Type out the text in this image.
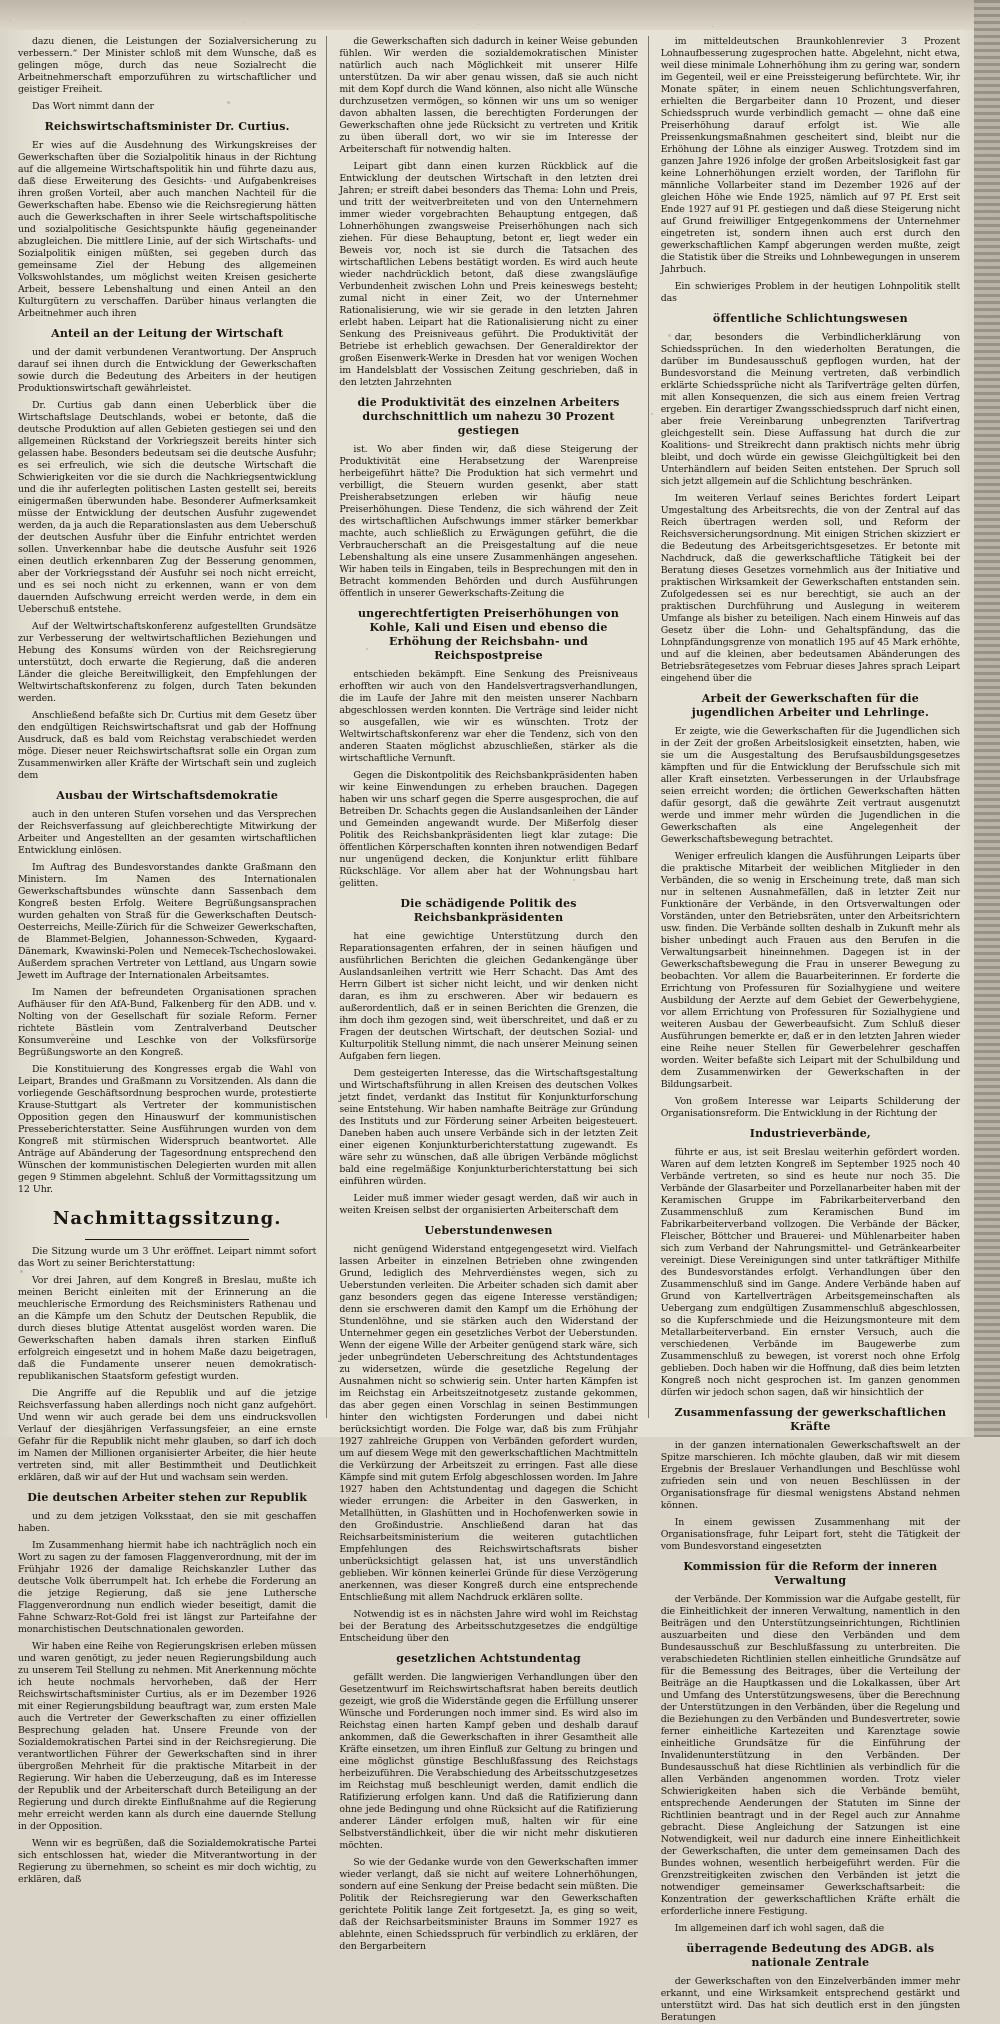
dazu dienen, die Leistungen der Sozialversicherung zu verbessern.“ Der Minister schloß mit dem Wunsche, daß es gelingen möge, durch das neue Sozialrecht die Arbeitnehmerschaft emporzuführen zu wirtschaftlicher und geistiger Freiheit.

Das Wort nimmt dann der

Reichswirtschaftsminister Dr. Curtius.

Er wies auf die Ausdehnung des Wirkungskreises der Gewerkschaften über die Sozialpolitik hinaus in der Richtung auf die allgemeine Wirtschaftspolitik hin und führte dazu aus, daß diese Erweiterung des Gesichts- und Aufgabenkreises ihren großen Vorteil, aber auch manchen Nachteil für die Gewerkschaften habe. Ebenso wie die Reichsregierung hätten auch die Gewerkschaften in ihrer Seele wirtschaftspolitische und sozialpolitische Gesichtspunkte häufig gegeneinander abzugleichen. Die mittlere Linie, auf der sich Wirtschafts- und Sozialpolitik einigen müßten, sei gegeben durch das gemeinsame Ziel der Hebung des allgemeinen Volkswohlstandes, um möglichst weiten Kreisen gesicherte Arbeit, bessere Lebenshaltung und einen Anteil an den Kulturgütern zu verschaffen. Darüber hinaus verlangten die Arbeitnehmer auch ihren

Anteil an der Leitung der Wirtschaft

und der damit verbundenen Verantwortung. Der Anspruch darauf sei ihnen durch die Entwicklung der Gewerkschaften sowie durch die Bedeutung des Arbeiters in der heutigen Produktionswirtschaft gewährleistet.

Dr. Curtius gab dann einen Ueberblick über die Wirtschaftslage Deutschlands, wobei er betonte, daß die deutsche Produktion auf allen Gebieten gestiegen sei und den allgemeinen Rückstand der Vorkriegszeit bereits hinter sich gelassen habe. Besonders bedeutsam sei die deutsche Ausfuhr; es sei erfreulich, wie sich die deutsche Wirtschaft die Schwierigkeiten vor die sie durch die Nachkriegsentwicklung und die ihr auferlegten politischen Lasten gestellt sei, bereits einigermaßen überwunden habe. Besonderer Aufmerksamkeit müsse der Entwicklung der deutschen Ausfuhr zugewendet werden, da ja auch die Reparationslasten aus dem Ueberschuß der deutschen Ausfuhr über die Einfuhr entrichtet werden sollen. Unverkennbar habe die deutsche Ausfuhr seit 1926 einen deutlich erkennbaren Zug der Besserung genommen, aber der Vorkriegsstand der Ausfuhr sei noch nicht erreicht, und es sei noch nicht zu erkennen, wann er von dem dauernden Aufschwung erreicht werden werde, in dem ein Ueberschuß entstehe.

Auf der Weltwirtschaftskonferenz aufgestellten Grundsätze zur Verbesserung der weltwirtschaftlichen Beziehungen und Hebung des Konsums würden von der Reichsregierung unterstützt, doch erwarte die Regierung, daß die anderen Länder die gleiche Bereitwilligkeit, den Empfehlungen der Weltwirtschaftskonferenz zu folgen, durch Taten bekunden werden.

Anschließend befaßte sich Dr. Curtius mit dem Gesetz über den endgültigen Reichswirtschaftsrat und gab der Hoffnung Ausdruck, daß es bald vom Reichstag verabschiedet werden möge. Dieser neuer Reichswirtschaftsrat solle ein Organ zum Zusammenwirken aller Kräfte der Wirtschaft sein und zugleich dem

Ausbau der Wirtschaftsdemokratie

auch in den unteren Stufen vorsehen und das Versprechen der Reichsverfassung auf gleichberechtigte Mitwirkung der Arbeiter und Angestellten an der gesamten wirtschaftlichen Entwicklung einlösen.

Im Auftrag des Bundesvorstandes dankte Graßmann den Ministern. Im Namen des Internationalen Gewerkschaftsbundes wünschte dann Sassenbach dem Kongreß besten Erfolg. Weitere Begrüßungsansprachen wurden gehalten von Straß für die Gewerkschaften Deutsch-Oesterreichs, Meille-Zürich für die Schweizer Gewerkschaften, de Blammet-Belgien, Johannesson-Schweden, Kygaard-Dänemark, Kwawinski-Polen und Nemecek-Tschechoslowakei. Außerdem sprachen Vertreter von Lettland, aus Ungarn sowie Jewett im Auftrage der Internationalen Arbeitsamtes.

Im Namen der befreundeten Organisationen sprachen Aufhäuser für den AfA-Bund, Falkenberg für den ADB. und v. Nolting von der Gesellschaft für soziale Reform. Ferner richtete Bästlein vom Zentralverband Deutscher Konsumvereine und Leschke von der Volksfürsorge Begrüßungsworte an den Kongreß.

Die Konstituierung des Kongresses ergab die Wahl von Leipart, Brandes und Graßmann zu Vorsitzenden. Als dann die vorliegende Geschäftsordnung besprochen wurde, protestierte Krause-Stuttgart als Vertreter der kommunistischen Opposition gegen den Hinauswurf der kommunistischen Presseberichterstatter. Seine Ausführungen wurden von dem Kongreß mit stürmischen Widerspruch beantwortet. Alle Anträge auf Abänderung der Tagesordnung entsprechend den Wünschen der kommunistischen Delegierten wurden mit allen gegen 9 Stimmen abgelehnt. Schluß der Vormittagssitzung um 12 Uhr.

Nachmittagssitzung.

Die Sitzung wurde um 3 Uhr eröffnet. Leipart nimmt sofort das Wort zu seiner Berichterstattung:

Vor drei Jahren, auf dem Kongreß in Breslau, mußte ich meinen Bericht einleiten mit der Erinnerung an die meuchlerische Ermordung des Reichsministers Rathenau und an die Kämpfe um den Schutz der Deutschen Republik, die durch dieses blutige Attentat ausgelöst worden waren. Die Gewerkschaften haben damals ihren starken Einfluß erfolgreich eingesetzt und in hohem Maße dazu beigetragen, daß die Fundamente unserer neuen demokratisch-republikanischen Staatsform gefestigt wurden.

Die Angriffe auf die Republik und auf die jetzige Reichsverfassung haben allerdings noch nicht ganz aufgehört. Und wenn wir auch gerade bei dem uns eindrucksvollen Verlauf der diesjährigen Verfassungsfeier, an eine ernste Gefahr für die Republik nicht mehr glauben, so darf ich doch im Namen der Millionen organisierter Arbeiter, die hier heute vertreten sind, mit aller Bestimmtheit und Deutlichkeit erklären, daß wir auf der Hut und wachsam sein werden.

Die deutschen Arbeiter stehen zur Republik

und zu dem jetzigen Volksstaat, den sie mit geschaffen haben.

Im Zusammenhang hiermit habe ich nachträglich noch ein Wort zu sagen zu der famosen Flaggenverordnung, mit der im Frühjahr 1926 der damalige Reichskanzler Luther das deutsche Volk überrumpelt hat. Ich erhebe die Forderung an die jetzige Regierung, daß sie jene Luthersche Flaggenverordnung nun endlich wieder beseitigt, damit die Fahne Schwarz-Rot-Gold frei ist längst zur Parteifahne der monarchistischen Deutschnationalen geworden.

Wir haben eine Reihe von Regierungskrisen erleben müssen und waren genötigt, zu jeder neuen Regierungsbildung auch zu unserem Teil Stellung zu nehmen. Mit Anerkennung möchte ich heute nochmals hervorheben, daß der Herr Reichswirtschaftsminister Curtius, als er im Dezember 1926 mit einer Regierungsbildung beauftragt war, zum ersten Male auch die Vertreter der Gewerkschaften zu einer offiziellen Besprechung geladen hat. Unsere Freunde von der Sozialdemokratischen Partei sind in der Reichsregierung. Die verantwortlichen Führer der Gewerkschaften sind in ihrer übergroßen Mehrheit für die praktische Mitarbeit in der Regierung. Wir haben die Ueberzeugung, daß es im Interesse der Republik und der Arbeiterschaft durch Beteiligung an der Regierung und durch direkte Einflußnahme auf die Regierung mehr erreicht werden kann als durch eine dauernde Stellung in der Opposition.

Wenn wir es begrüßen, daß die Sozialdemokratische Partei sich entschlossen hat, wieder die Mitverantwortung in der Regierung zu übernehmen, so scheint es mir doch wichtig, zu erklären, daß

die Gewerkschaften sich dadurch in keiner Weise gebunden fühlen. Wir werden die sozialdemokratischen Minister natürlich auch nach Möglichkeit mit unserer Hilfe unterstützen. Da wir aber genau wissen, daß sie auch nicht mit dem Kopf durch die Wand können, also nicht alle Wünsche durchzusetzen vermögen, so können wir uns um so weniger davon abhalten lassen, die berechtigten Forderungen der Gewerkschaften ohne jede Rücksicht zu vertreten und Kritik zu üben überall dort, wo wir sie im Interesse der Arbeiterschaft für notwendig halten.

Leipart gibt dann einen kurzen Rückblick auf die Entwicklung der deutschen Wirtschaft in den letzten drei Jahren; er streift dabei besonders das Thema: Lohn und Preis, und tritt der weitverbreiteten und von den Unternehmern immer wieder vorgebrachten Behauptung entgegen, daß Lohnerhöhungen zwangsweise Preiserhöhungen nach sich ziehen. Für diese Behauptung, betont er, liegt weder ein Beweis vor, noch ist sie durch die Tatsachen des wirtschaftlichen Lebens bestätigt worden. Es wird auch heute wieder nachdrücklich betont, daß diese zwangsläufige Verbundenheit zwischen Lohn und Preis keineswegs besteht; zumal nicht in einer Zeit, wo der Unternehmer Rationalisierung, wie wir sie gerade in den letzten Jahren erlebt haben. Leipart hat die Rationalisierung nicht zu einer Senkung des Preisniveaus geführt. Die Produktivität der Betriebe ist erheblich gewachsen. Der Generaldirektor der großen Eisenwerk-Werke in Dresden hat vor wenigen Wochen im Handelsblatt der Vossischen Zeitung geschrieben, daß in den letzten Jahrzehnten

die Produktivität des einzelnen Arbeiters durchschnittlich um nahezu 30 Prozent gestiegen

ist. Wo aber finden wir, daß diese Steigerung der Produktivität eine Herabsetzung der Warenpreise herbeigeführt hätte? Die Produktion hat sich vermehrt und verbilligt, die Steuern wurden gesenkt, aber statt Preisherabsetzungen erleben wir häufig neue Preiserhöhungen. Diese Tendenz, die sich während der Zeit des wirtschaftlichen Aufschwungs immer stärker bemerkbar machte, auch schließlich zu Erwägungen geführt, die die Verbraucherschaft an die Preisgestaltung auf die neue Lebenshaltung als eine unsere Zusammenhängen angesehen. Wir haben teils in Eingaben, teils in Besprechungen mit den in Betracht kommenden Behörden und durch Ausführungen öffentlich in unserer Gewerkschafts-Zeitung die

ungerechtfertigten Preiserhöhungen von Kohle, Kali und Eisen und ebenso die Erhöhung der Reichsbahn- und Reichspostpreise

entschieden bekämpft. Eine Senkung des Preisniveaus erhofften wir auch von den Handelsvertragsverhandlungen, die im Laufe der Jahre mit den meisten unserer Nachbarn abgeschlossen werden konnten. Die Verträge sind leider nicht so ausgefallen, wie wir es wünschten. Trotz der Weltwirtschaftskonferenz war eher die Tendenz, sich von den anderen Staaten möglichst abzuschließen, stärker als die wirtschaftliche Vernunft.

Gegen die Diskontpolitik des Reichsbankpräsidenten haben wir keine Einwendungen zu erheben brauchen. Dagegen haben wir uns scharf gegen die Sperre ausgesprochen, die auf Betreiben Dr. Schachts gegen die Auslandsanleihen der Länder und Gemeinden angewandt wurde. Der Mißerfolg dieser Politik des Reichsbankpräsidenten liegt klar zutage: Die öffentlichen Körperschaften konnten ihren notwendigen Bedarf nur ungenügend decken, die Konjunktur erlitt fühlbare Rückschläge. Vor allem aber hat der Wohnungsbau hart gelitten.

Die schädigende Politik des Reichsbankpräsidenten

hat eine gewichtige Unterstützung durch den Reparationsagenten erfahren, der in seinen häufigen und ausführlichen Berichten die gleichen Gedankengänge über Auslandsanleihen vertritt wie Herr Schacht. Das Amt des Herrn Gilbert ist sicher nicht leicht, und wir denken nicht daran, es ihm zu erschweren. Aber wir bedauern es außerordentlich, daß er in seinen Berichten die Grenzen, die ihm doch ihm gezogen sind, weit überschreitet, und daß er zu Fragen der deutschen Wirtschaft, der deutschen Sozial- und Kulturpolitik Stellung nimmt, die nach unserer Meinung seinen Aufgaben fern liegen.

Dem gesteigerten Interesse, das die Wirtschaftsgestaltung und Wirtschaftsführung in allen Kreisen des deutschen Volkes jetzt findet, verdankt das Institut für Konjunkturforschung seine Entstehung. Wir haben namhafte Beiträge zur Gründung des Instituts und zur Förderung seiner Arbeiten beigesteuert. Daneben haben auch unsere Verbände sich in der letzten Zeit einer eigenen Konjunkturberichterstattung zugewandt. Es wäre sehr zu wünschen, daß alle übrigen Verbände möglichst bald eine regelmäßige Konjunkturberichterstattung bei sich einführen würden.

Leider muß immer wieder gesagt werden, daß wir auch in weiten Kreisen selbst der organisierten Arbeiterschaft dem

Ueberstundenwesen

nicht genügend Widerstand entgegengesetzt wird. Vielfach lassen Arbeiter in einzelnen Betrieben ohne zwingenden Grund, lediglich des Mehrverdienstes wegen, sich zu Ueberstunden verleiten. Die Arbeiter schaden sich damit aber ganz besonders gegen das eigene Interesse verständigen; denn sie erschweren damit den Kampf um die Erhöhung der Stundenlöhne, und sie stärken auch den Widerstand der Unternehmer gegen ein gesetzliches Verbot der Ueberstunden. Wenn der eigene Wille der Arbeiter genügend stark wäre, sich jeder unbegründeten Ueberschreitung des Achtstundentages zu widersetzen, würde die gesetzliche Regelung der Ausnahmen nicht so schwierig sein. Unter harten Kämpfen ist im Reichstag ein Arbeitszeitnotgesetz zustande gekommen, das aber gegen einen Vorschlag in seinen Bestimmungen hinter den wichtigsten Forderungen und dabei nicht berücksichtigt worden. Die Folge war, daß bis zum Frühjahr 1927 zahlreiche Gruppen von Verbänden gefordert wurden, um auf diesem Wege mit den gewerkschaftlichen Machtmitteln die Verkürzung der Arbeitszeit zu erringen. Fast alle diese Kämpfe sind mit gutem Erfolg abgeschlossen worden. Im Jahre 1927 haben den Achtstundentag und dagegen die Schicht wieder errungen: die Arbeiter in den Gaswerken, in Metallhütten, in Glashütten und in Hochofenwerken sowie in den Großindustrie. Anschließend daran hat das Reichsarbeitsministerium die weiteren gutachtlichen Empfehlungen des Reichswirtschaftsrats bisher unberücksichtigt gelassen hat, ist uns unverständlich geblieben. Wir können keinerlei Gründe für diese Verzögerung anerkennen, was dieser Kongreß durch eine entsprechende Entschließung mit allem Nachdruck erklären sollte.

Notwendig ist es in nächsten Jahre wird wohl im Reichstag bei der Beratung des Arbeitsschutzgesetzes die endgültige Entscheidung über den

gesetzlichen Achtstundentag

gefällt werden. Die langwierigen Verhandlungen über den Gesetzentwurf im Reichswirtschaftsrat haben bereits deutlich gezeigt, wie groß die Widerstände gegen die Erfüllung unserer Wünsche und Forderungen noch immer sind. Es wird also im Reichstag einen harten Kampf geben und deshalb darauf ankommen, daß die Gewerkschaften in ihrer Gesamtheit alle Kräfte einsetzen, um ihren Einfluß zur Geltung zu bringen und eine möglichst günstige Beschlußfassung des Reichstags herbeizuführen. Die Verabschiedung des Arbeitsschutzgesetzes im Reichstag muß beschleunigt werden, damit endlich die Ratifizierung erfolgen kann. Und daß die Ratifizierung dann ohne jede Bedingung und ohne Rücksicht auf die Ratifizierung anderer Länder erfolgen muß, halten wir für eine Selbstverständlichkeit, über die wir nicht mehr diskutieren möchten.

So wie der Gedanke wurde von den Gewerkschaften immer wieder verlangt, daß sie nicht auf weitere Lohnerhöhungen, sondern auf eine Senkung der Preise bedacht sein müßten. Die Politik der Reichsregierung war den Gewerkschaften gerichtete Politik lange Zeit fortgesetzt. Ja, es ging so weit, daß der Reichsarbeitsminister Brauns im Sommer 1927 es ablehnte, einen Schiedsspruch für verbindlich zu erklären, der den Bergarbeitern

im mitteldeutschen Braunkohlenrevier 3 Prozent Lohnaufbesserung zugesprochen hatte. Abgelehnt, nicht etwa, weil diese minimale Lohnerhöhung ihm zu gering war, sondern im Gegenteil, weil er eine Preissteigerung befürchtete. Wir, ihr Monate später, in einem neuen Schlichtungsverfahren, erhielten die Bergarbeiter dann 10 Prozent, und dieser Schiedsspruch wurde verbindlich gemacht — ohne daß eine Preiserhöhung darauf erfolgt ist. Wie alle Preissenkungsmaßnahmen gescheitert sind, bleibt nur die Erhöhung der Löhne als einziger Ausweg. Trotzdem sind im ganzen Jahre 1926 infolge der großen Arbeitslosigkeit fast gar keine Lohnerhöhungen erzielt worden, der Tariflohn für männliche Vollarbeiter stand im Dezember 1926 auf der gleichen Höhe wie Ende 1925, nämlich auf 97 Pf. Erst seit Ende 1927 auf 91 Pf. gestiegen und daß diese Steigerung nicht auf Grund freiwilliger Entgegenkommens der Unternehmer eingetreten ist, sondern ihnen auch erst durch den gewerkschaftlichen Kampf abgerungen werden mußte, zeigt die Statistik über die Streiks und Lohnbewegungen in unserem Jahrbuch.

Ein schwieriges Problem in der heutigen Lohnpolitik stellt das

öffentliche Schlichtungswesen

dar, besonders die Verbindlicherklärung von Schiedssprüchen. In den wiederholten Beratungen, die darüber im Bundesausschuß gepflogen wurden, hat der Bundesvorstand die Meinung vertreten, daß verbindlich erklärte Schiedssprüche nicht als Tarifverträge gelten dürfen, mit allen Konsequenzen, die sich aus einem freien Vertrag ergeben. Ein derartiger Zwangsschiedsspruch darf nicht einen, aber freie Vereinbarung unbegrenzten Tarifvertrag gleichgestellt sein. Diese Auffassung hat durch die zur Koalitions- und Streikrecht dann praktisch nichts mehr übrig bleibt, und doch würde ein gewisse Gleichgültigkeit bei den Unterhändlern auf beiden Seiten entstehen. Der Spruch soll sich jetzt allgemein auf die Schlichtung beschränken.

Im weiteren Verlauf seines Berichtes fordert Leipart Umgestaltung des Arbeitsrechts, die von der Zentral auf das Reich übertragen werden soll, und Reform der Reichsversicherungsordnung. Mit einigen Strichen skizziert er die Bedeutung des Arbeitsgerichtsgesetzes. Er betonte mit Nachdruck, daß die gewerkschaftliche Tätigkeit bei der Beratung dieses Gesetzes vornehmlich aus der Initiative und praktischen Wirksamkeit der Gewerkschaften entstanden sein. Zufolgedessen sei es nur berechtigt, sie auch an der praktischen Durchführung und Auslegung in weiterem Umfange als bisher zu beteiligen. Nach einem Hinweis auf das Gesetz über die Lohn- und Gehaltspfändung, das die Lohnpfändungsgrenze von monatlich 195 auf 45 Mark erhöhte, und auf die kleinen, aber bedeutsamen Abänderungen des Betriebsrätegesetzes vom Februar dieses Jahres sprach Leipart eingehend über die

Arbeit der Gewerkschaften für die jugendlichen Arbeiter und Lehrlinge.

Er zeigte, wie die Gewerkschaften für die Jugendlichen sich in der Zeit der großen Arbeitslosigkeit einsetzten, haben, wie sie um die Ausgestaltung des Berufsausbildungsgesetzes kämpften und für die Entwicklung der Berufsschule sich mit aller Kraft einsetzten. Verbesserungen in der Urlaubsfrage seien erreicht worden; die örtlichen Gewerkschaften hätten dafür gesorgt, daß die gewährte Zeit vertraut ausgenutzt werde und immer mehr würden die Jugendlichen in die Gewerkschaften als eine Angelegenheit der Gewerkschaftsbewegung betrachtet.

Weniger erfreulich klangen die Ausführungen Leiparts über die praktische Mitarbeit der weiblichen Mitglieder in den Verbänden, die so wenig in Erscheinung trete, daß man sich nur in seltenen Ausnahmefällen, daß in letzter Zeit nur Funktionäre der Verbände, in den Ortsverwaltungen oder Vorständen, unter den Betriebsräten, unter den Arbeitsrichtern usw. finden. Die Verbände sollten deshalb in Zukunft mehr als bisher unbedingt auch Frauen aus den Berufen in die Verwaltungsarbeit hineinnehmen. Dagegen ist in der Gewerkschaftsbewegung die Frau in unserer Bewegung zu beobachten. Vor allem die Bauarbeiterinnen. Er forderte die Errichtung von Professuren für Sozialhygiene und weitere Ausbildung der Aerzte auf dem Gebiet der Gewerbehygiene, vor allem Errichtung von Professuren für Sozialhygiene und weiteren Ausbau der Gewerbeaufsicht. Zum Schluß dieser Ausführungen bemerkte er, daß er in den letzten Jahren wieder eine Reihe neuer Stellen für Gewerbelehrer geschaffen worden. Weiter befaßte sich Leipart mit der Schulbildung und dem Zusammenwirken der Gewerkschaften in der Bildungsarbeit.

Von großem Interesse war Leiparts Schilderung der Organisationsreform. Die Entwicklung in der Richtung der

Industrieverbände,

führte er aus, ist seit Breslau weiterhin gefördert worden. Waren auf dem letzten Kongreß im September 1925 noch 40 Verbände vertreten, so sind es heute nur noch 35. Die Verbände der Glasarbeiter und Porzellanarbeiter haben mit der Keramischen Gruppe im Fabrikarbeiterverband den Zusammenschluß zum Keramischen Bund im Fabrikarbeiterverband vollzogen. Die Verbände der Bäcker, Fleischer, Böttcher und Brauerei- und Mühlenarbeiter haben sich zum Verband der Nahrungsmittel- und Getränkearbeiter vereinigt. Diese Vereinigungen sind unter tatkräftiger Mithilfe des Bundesvorstandes erfolgt. Verhandlungen über den Zusammenschluß sind im Gange. Andere Verbände haben auf Grund von Kartellverträgen Arbeitsgemeinschaften als Uebergang zum endgültigen Zusammenschluß abgeschlossen, so die Kupferschmiede und die Heizungsmonteure mit dem Metallarbeiterverband. Ein ernster Versuch, auch die verschiedenen Verbände im Baugewerbe zum Zusammenschluß zu bewegen, ist vorerst noch ohne Erfolg geblieben. Doch haben wir die Hoffnung, daß dies beim letzten Kongreß noch nicht gesprochen ist. Im ganzen genommen dürfen wir jedoch schon sagen, daß wir hinsichtlich der

Zusammenfassung der gewerkschaftlichen Kräfte

in der ganzen internationalen Gewerkschaftswelt an der Spitze marschieren. Ich möchte glauben, daß wir mit diesem Ergebnis der Breslauer Verhandlungen und Beschlüsse wohl zufrieden sein und von neuen Beschlüssen in der Organisationsfrage für diesmal wenigstens Abstand nehmen können.

In einem gewissen Zusammenhang mit der Organisationsfrage, fuhr Leipart fort, steht die Tätigkeit der vom Bundesvorstand eingesetzten

Kommission für die Reform der inneren Verwaltung

der Verbände. Der Kommission war die Aufgabe gestellt, für die Einheitlichkeit der inneren Verwaltung, namentlich in den Beiträgen und den Unterstützungseinrichtungen, Richtlinien auszuarbeiten und diese den Verbänden und dem Bundesausschuß zur Beschlußfassung zu unterbreiten. Die verabschiedeten Richtlinien stellen einheitliche Grundsätze auf für die Bemessung des Beitrages, über die Verteilung der Beiträge an die Hauptkassen und die Lokalkassen, über Art und Umfang des Unterstützungswesens, über die Berechnung der Unterstützungen in den Verbänden, über die Regelung und die Beziehungen zu den Verbänden und Bundesvertreter, sowie ferner einheitliche Kartezeiten und Karenztage sowie einheitliche Grundsätze für die Einführung der Invalidenunterstützung in den Verbänden. Der Bundesausschuß hat diese Richtlinien als verbindlich für die allen Verbänden angenommen worden. Trotz vieler Schwierigkeiten haben sich die Verbände bemüht, entsprechende Aenderungen der Statuten im Sinne der Richtlinien beantragt und in der Regel auch zur Annahme gebracht. Diese Angleichung der Satzungen ist eine Notwendigkeit, weil nur dadurch eine innere Einheitlichkeit der Gewerkschaften, die unter dem gemeinsamen Dach des Bundes wohnen, wesentlich herbeigeführt werden. Für die Grenzstreitigkeiten zwischen den Verbänden ist jetzt die notwendiger gemeinsamer Gewerkschaftsarbeit: die Konzentration der gewerkschaftlichen Kräfte erhält die erforderliche innere Festigung.

Im allgemeinen darf ich wohl sagen, daß die

überragende Bedeutung des ADGB. als nationale Zentrale

der Gewerkschaften von den Einzelverbänden immer mehr erkannt, und eine Wirksamkeit entsprechend gestärkt und unterstützt wird. Das hat sich deutlich erst in den jüngsten Beratungen
